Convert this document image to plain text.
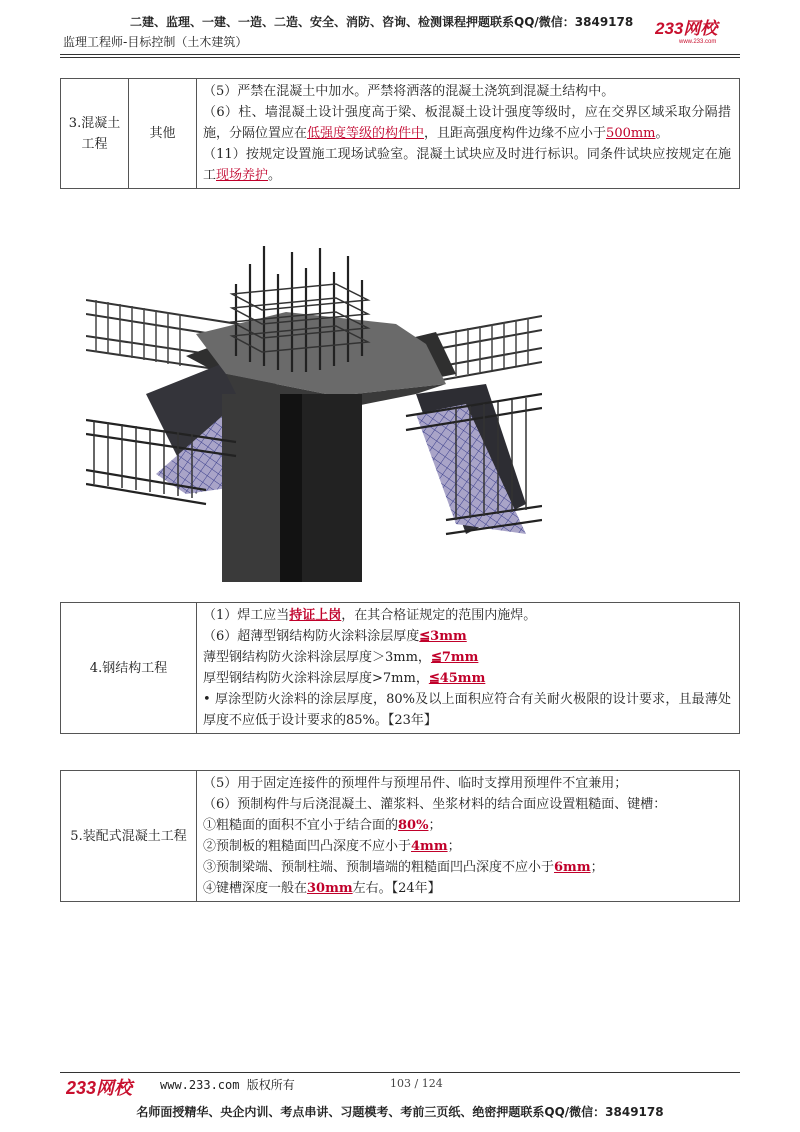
二建、监理、一建、一造、二造、安全、消防、咨询、检测课程押题联系QQ/微信：3849178
监理工程师-目标控制（土木建筑）
233网校
www.233.com
3.混凝土工程
	其他	
（5）严禁在混凝土中加水。严禁将洒落的混凝土浇筑到混凝土结构中。
（6）柱、墙混凝土设计强度高于梁、板混凝土设计强度等级时，应在交界区域采取分隔措施，分隔位置应在低强度等级的构件中，且距高强度构件边缘不应小于500mm。
（11）按规定设置施工现场试验室。混凝土试块应及时进行标识。同条件试块应按规定在施工现场养护。
4.钢结构工程	
（1）焊工应当持证上岗，在其合格证规定的范围内施焊。
（6）超薄型钢结构防火涂料涂层厚度≦3mm
薄型钢结构防火涂料涂层厚度＞3mm，≦7mm
厚型钢结构防火涂料涂层厚度>7mm，≦45mm
• 厚涂型防火涂料的涂层厚度，80%及以上面积应符合有关耐火极限的设计要求，且最薄处厚度不应低于设计要求的85%。【23年】
5.装配式混凝土工程

（5）用于固定连接件的预埋件与预埋吊件、临时支撑用预埋件不宜兼用；
（6）预制构件与后浇混凝土、灌浆料、坐浆材料的结合面应设置粗糙面、键槽：
①粗糙面的面积不宜小于结合面的80%；
②预制板的粗糙面凹凸深度不应小于4mm；
③预制梁端、预制柱端、预制墙端的粗糙面凹凸深度不应小于6mm；
④键槽深度一般在30mm左右。【24年】
233网校 www.233.com 版权所有	103 / 124
名师面授精华、央企内训、考点串讲、习题模考、考前三页纸、绝密押题联系QQ/微信：3849178
